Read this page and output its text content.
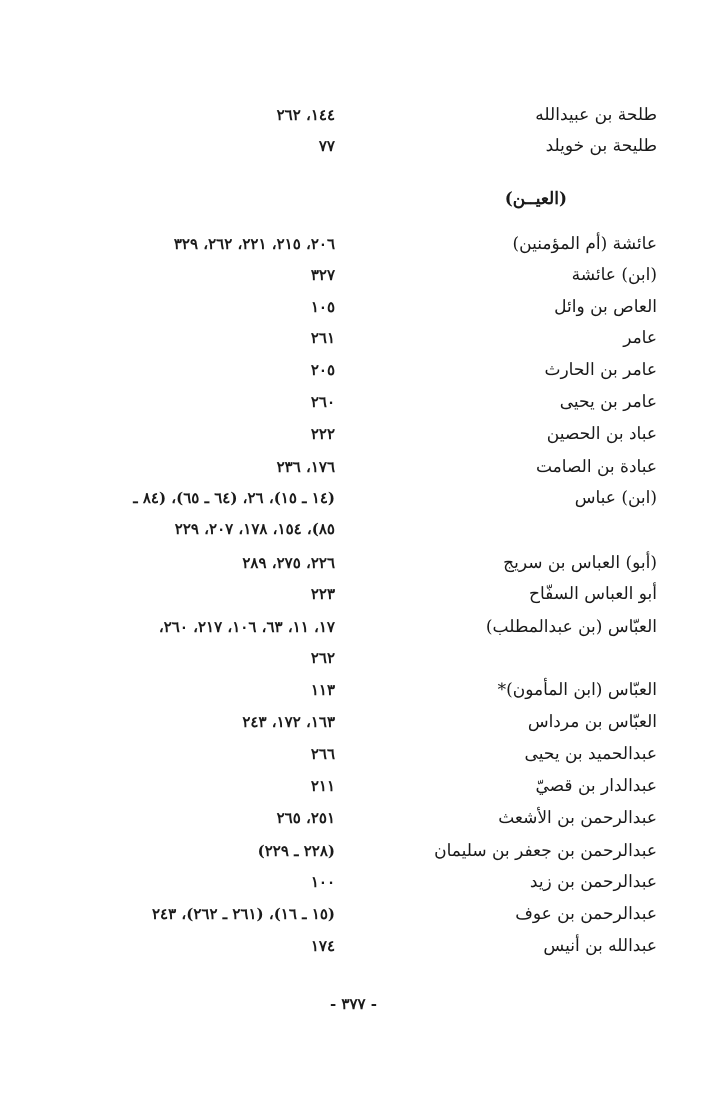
طلحة بن عبيدالله
١٤٤، ٢٦٢
طليحة بن خويلد
٧٧
(العيــن)
عائشة (أم المؤمنين)
٢٠٦، ٢١٥، ٢٢١، ٢٦٢، ٣٢٩
(ابن) عائشة
٣٢٧
العاص بن وائل
١٠٥
عامر
٢٦١
عامر بن الحارث
٢٠٥
عامر بن يحيى
٢٦٠
عباد بن الحصين
٢٢٢
عبادة بن الصامت
١٧٦، ٢٣٦
(ابن) عباس
(١٤ ـ ١٥)، ٢٦، (٦٤ ـ ٦٥)، (٨٤ ـ
٨٥)، ١٥٤، ١٧٨، ٢٠٧، ٢٢٩
(أبو) العباس بن سريج
٢٢٦، ٢٧٥، ٢٨٩
أبو العباس السفّاح
٢٢٣
العبّاس (بن عبدالمطلب)
١٧، ١١، ٦٣، ١٠٦، ٢١٧، ٢٦٠،
٢٦٢
العبّاس (ابن المأمون)*
١١٣
العبّاس بن مرداس
١٦٣، ١٧٢، ٢٤٣
عبدالحميد بن يحيى
٢٦٦
عبدالدار بن قصيّ
٢١١
عبدالرحمن بن الأشعث
٢٥١، ٢٦٥
عبدالرحمن بن جعفر بن سليمان
(٢٢٨ ـ ٢٢٩)
عبدالرحمن بن زيد
١٠٠
عبدالرحمن بن عوف
(١٥ ـ ١٦)، (٢٦١ ـ ٢٦٢)، ٢٤٣
عبدالله بن أنيس
١٧٤
- ٣٧٧ -
